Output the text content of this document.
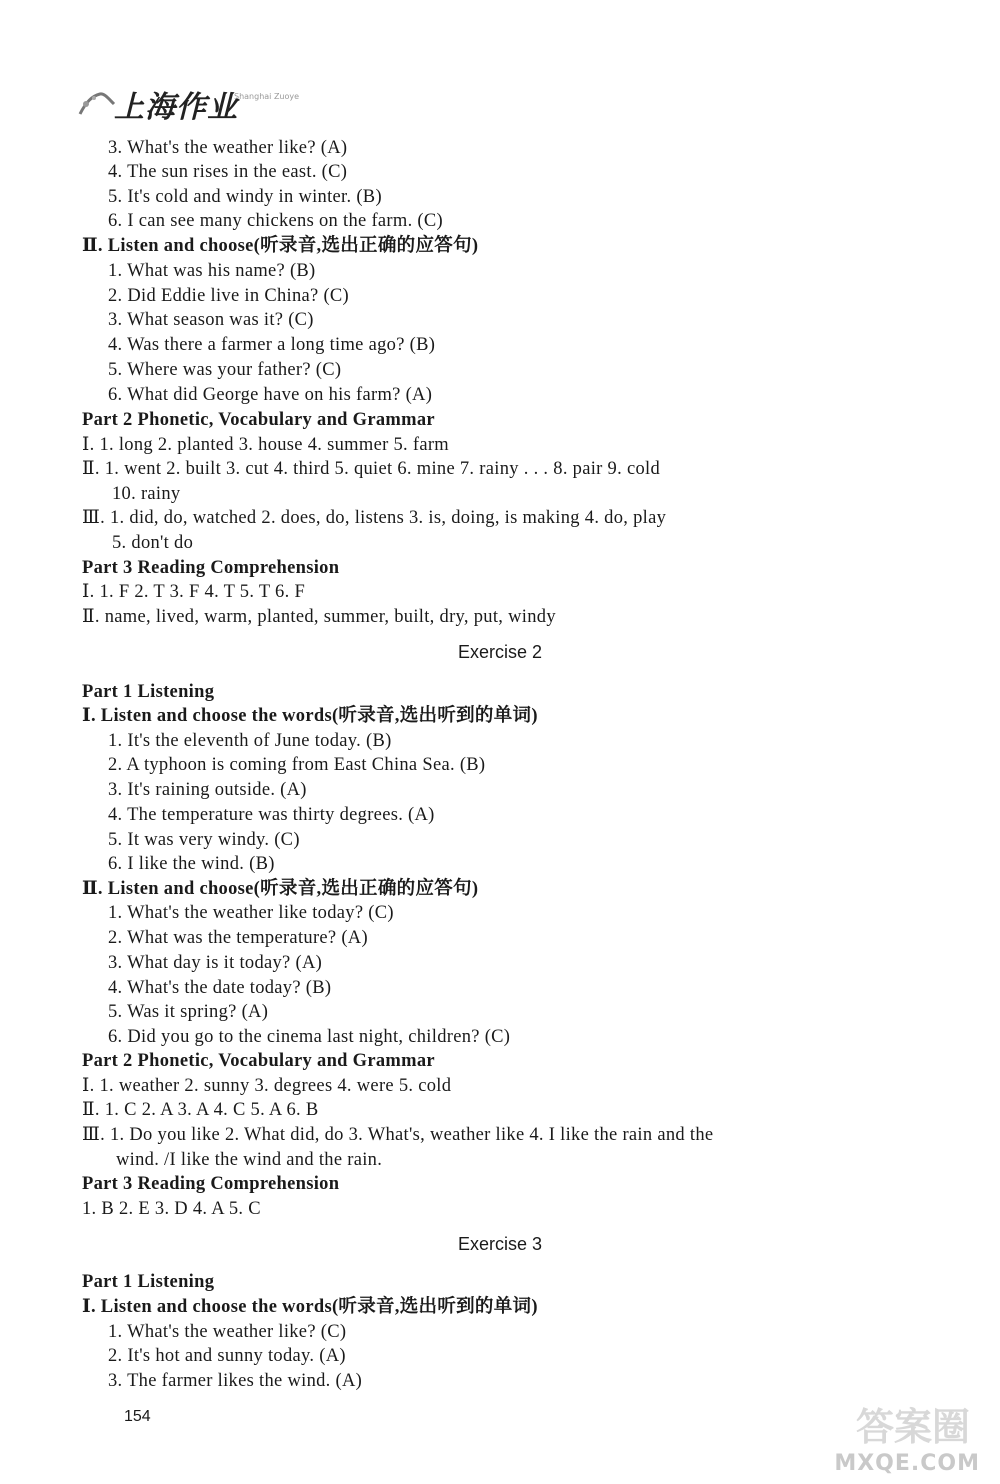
上海作业
Shanghai Zuoye
3. What's the weather like? (A)
4. The sun rises in the east. (C)
5. It's cold and windy in winter. (B)
6. I can see many chickens on the farm. (C)
Ⅱ. Listen and choose(听录音,选出正确的应答句)
1. What was his name? (B)
2. Did Eddie live in China? (C)
3. What season was it? (C)
4. Was there a farmer a long time ago? (B)
5. Where was your father? (C)
6. What did George have on his farm? (A)
Part 2 Phonetic, Vocabulary and Grammar
Ⅰ. 1. long 2. planted 3. house 4. summer 5. farm
Ⅱ. 1. went 2. built 3. cut 4. third 5. quiet 6. mine 7. rainy . . . 8. pair 9. cold
10. rainy
Ⅲ. 1. did, do, watched 2. does, do, listens 3. is, doing, is making 4. do, play
5. don't do
Part 3 Reading Comprehension
Ⅰ. 1. F 2. T 3. F 4. T 5. T 6. F
Ⅱ. name, lived, warm, planted, summer, built, dry, put, windy
Exercise 2
Part 1 Listening
Ⅰ. Listen and choose the words(听录音,选出听到的单词)
1. It's the eleventh of June today. (B)
2. A typhoon is coming from East China Sea. (B)
3. It's raining outside. (A)
4. The temperature was thirty degrees. (A)
5. It was very windy. (C)
6. I like the wind. (B)
Ⅱ. Listen and choose(听录音,选出正确的应答句)
1. What's the weather like today? (C)
2. What was the temperature? (A)
3. What day is it today? (A)
4. What's the date today? (B)
5. Was it spring? (A)
6. Did you go to the cinema last night, children? (C)
Part 2 Phonetic, Vocabulary and Grammar
Ⅰ. 1. weather 2. sunny 3. degrees 4. were 5. cold
Ⅱ. 1. C 2. A 3. A 4. C 5. A 6. B
Ⅲ. 1. Do you like 2. What did, do 3. What's, weather like 4. I like the rain and the
wind. /I like the wind and the rain.
Part 3 Reading Comprehension
1. B 2. E 3. D 4. A 5. C
Exercise 3
Part 1 Listening
Ⅰ. Listen and choose the words(听录音,选出听到的单词)
1. What's the weather like? (C)
2. It's hot and sunny today. (A)
3. The farmer likes the wind. (A)
154	答案圈
MXQE.COM
